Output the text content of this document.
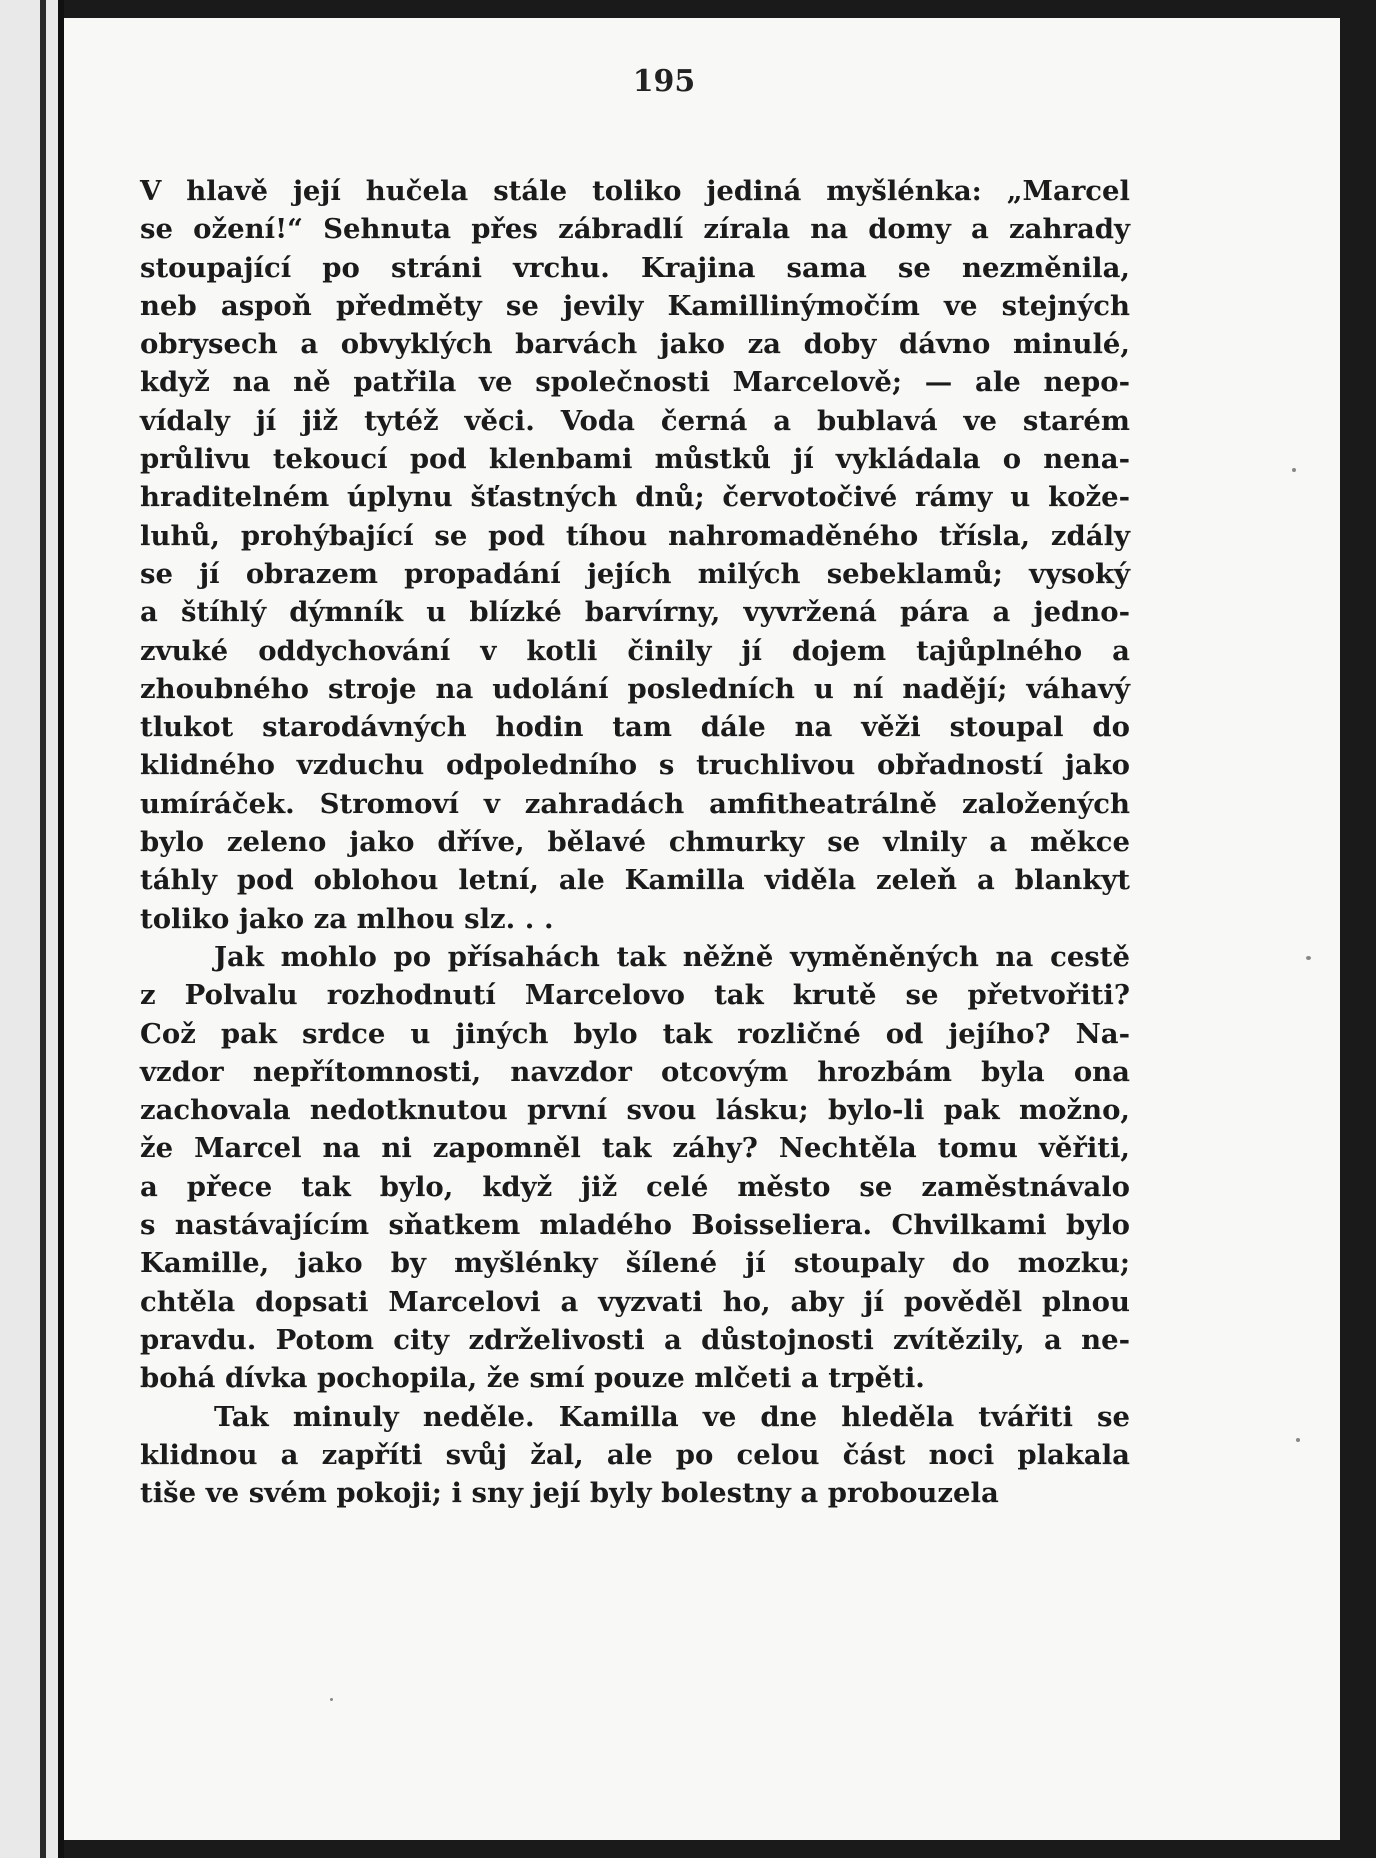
195
V hlavě její hučela stále toliko jediná myšlénka: „Marcel
se ožení!“ Sehnuta přes zábradlí zírala na domy a zahrady
stoupající po stráni vrchu. Krajina sama se nezměnila,
neb aspoň předměty se jevily Kamillinýmočím ve stejných
obrysech a obvyklých barvách jako za doby dávno minulé,
když na ně patřila ve společnosti Marcelově; — ale nepo-
vídaly jí již tytéž věci. Voda černá a bublavá ve starém
průlivu tekoucí pod klenbami můstků jí vykládala o nena-
hraditelném úplynu šťastných dnů; červotočivé rámy u kože-
luhů, prohýbající se pod tíhou nahromaděného třísla, zdály
se jí obrazem propadání jejích milých sebeklamů; vysoký
a štíhlý dýmník u blízké barvírny, vyvržená pára a jedno-
zvuké oddychování v kotli činily jí dojem tajůplného a
zhoubného stroje na udolání posledních u ní nadějí; váhavý
tlukot starodávných hodin tam dále na věži stoupal do
klidného vzduchu odpoledního s truchlivou obřadností jako
umíráček. Stromoví v zahradách amfitheatrálně založených
bylo zeleno jako dříve, bělavé chmurky se vlnily a měkce
táhly pod oblohou letní, ale Kamilla viděla zeleň a blankyt
toliko jako za mlhou slz. . .
Jak mohlo po přísahách tak něžně vyměněných na cestě
z Polvalu rozhodnutí Marcelovo tak krutě se přetvořiti?
Což pak srdce u jiných bylo tak rozličné od jejího? Na-
vzdor nepřítomnosti, navzdor otcovým hrozbám byla ona
zachovala nedotknutou první svou lásku; bylo-li pak možno,
že Marcel na ni zapomněl tak záhy? Nechtěla tomu věřiti,
a přece tak bylo, když již celé město se zaměstnávalo
s nastávajícím sňatkem mladého Boisseliera. Chvilkami bylo
Kamille, jako by myšlénky šílené jí stoupaly do mozku;
chtěla dopsati Marcelovi a vyzvati ho, aby jí pověděl plnou
pravdu. Potom city zdrželivosti a důstojnosti zvítězily, a ne-
bohá dívka pochopila, že smí pouze mlčeti a trpěti.
Tak minuly neděle. Kamilla ve dne hleděla tvářiti se
klidnou a zapříti svůj žal, ale po celou část noci plakala
tiše ve svém pokoji; i sny její byly bolestny a probouzela
